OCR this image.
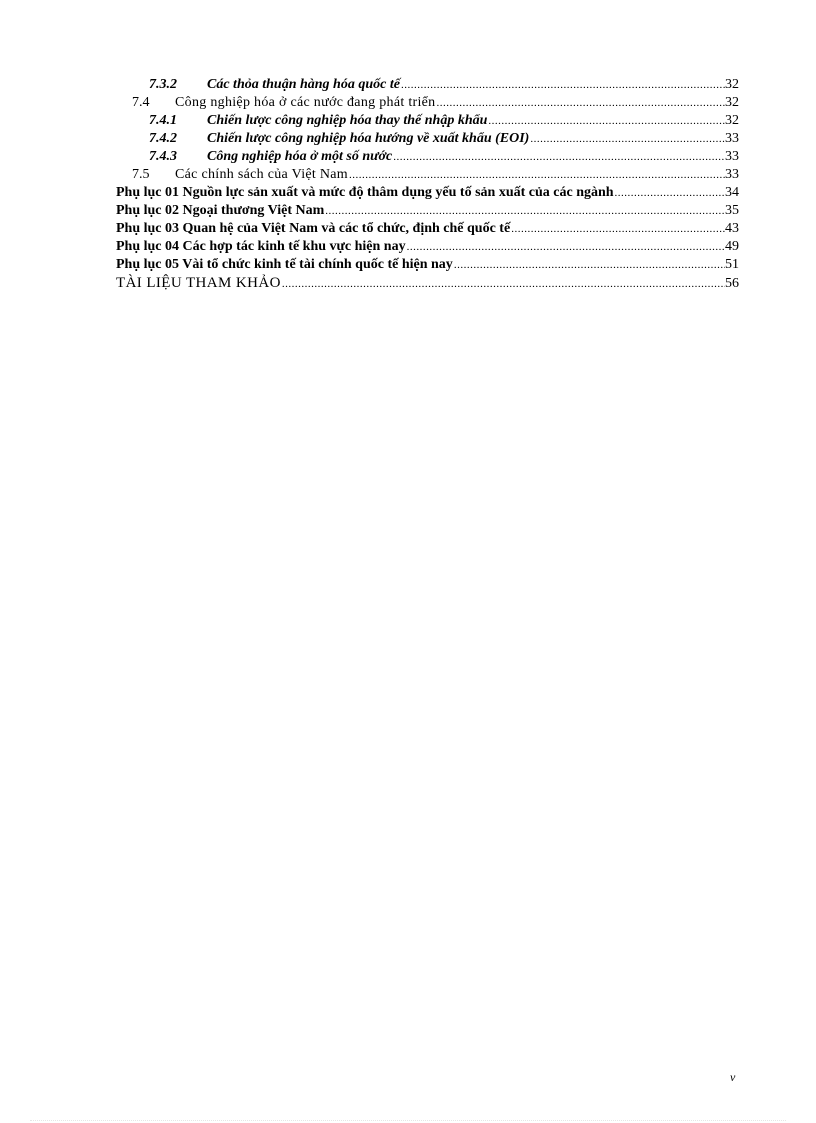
7.3.2	Các thỏa thuận hàng hóa quốc tế .....	32
7.4	Công nghiệp hóa ở các nước đang phát triển .....	32
7.4.1	Chiến lược công nghiệp hóa thay thế nhập khẩu .....	32
7.4.2	Chiến lược công nghiệp hóa hướng về xuất khẩu (EOI) .....	33
7.4.3	Công nghiệp hóa ở một số nước .....	33
7.5	Các chính sách của Việt Nam .....	33
Phụ lục 01 Nguồn lực sản xuất và mức độ thâm dụng yếu tố sản xuất của các ngành .....	34
Phụ lục 02 Ngoại thương Việt Nam .....	35
Phụ lục 03 Quan hệ của Việt Nam và các tổ chức, định chế quốc tế .....	43
Phụ lục 04 Các hợp tác kinh tế khu vực hiện nay .....	49
Phụ lục 05 Vài tổ chức kinh tế tài chính quốc tế hiện nay .....	51
TÀI LIỆU THAM KHẢO .....	56
v
